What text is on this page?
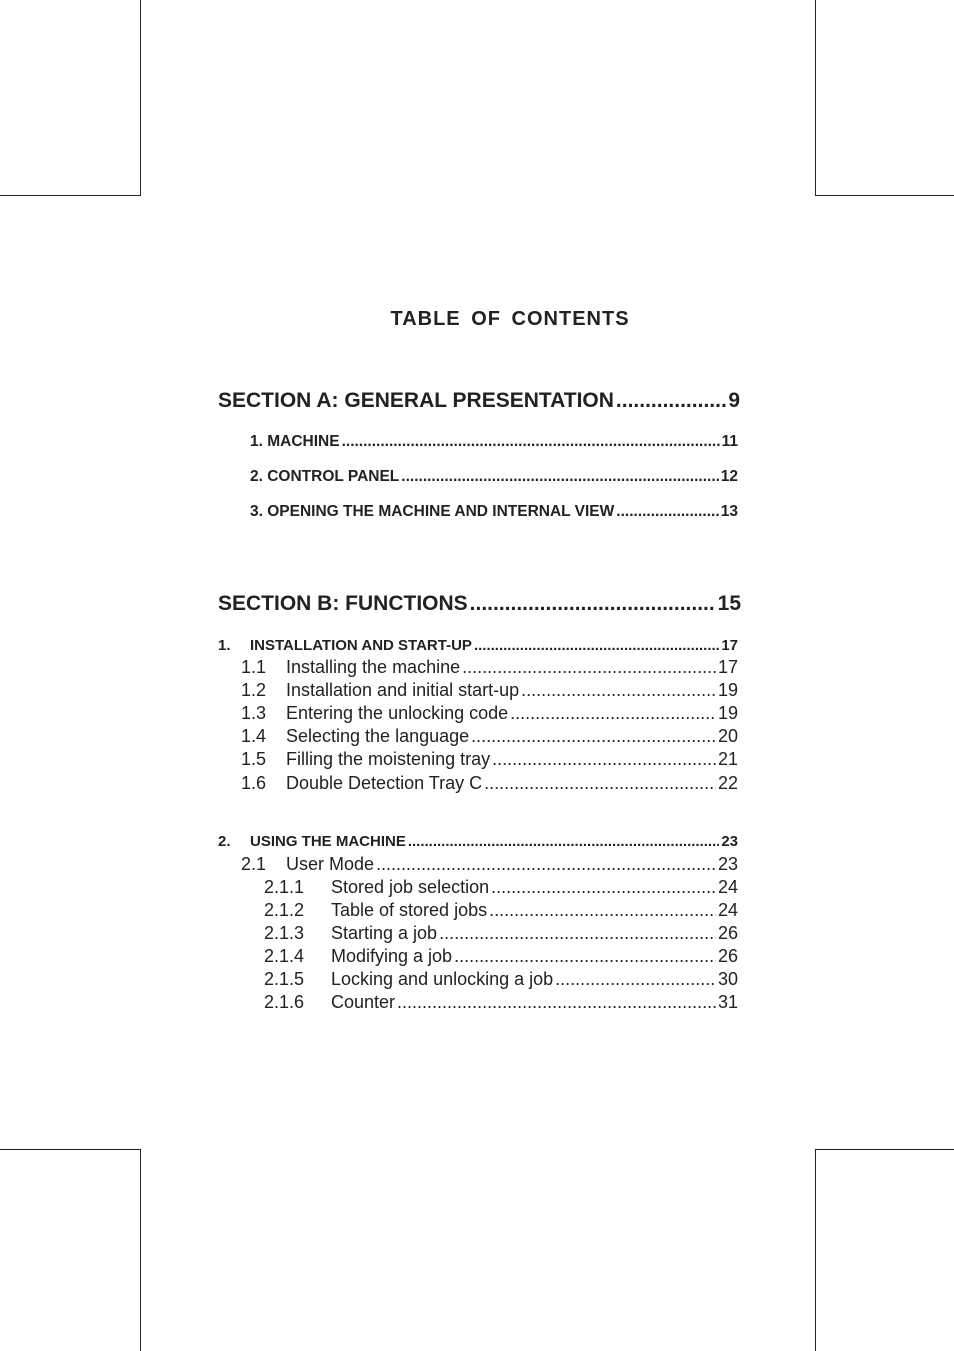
TABLE OF CONTENTS
SECTION A: GENERAL PRESENTATION .....	9
1. MACHINE .....	11
2. CONTROL PANEL .....	12
3. OPENING THE MACHINE AND INTERNAL VIEW .....	13
SECTION B: FUNCTIONS .....	15
1.	INSTALLATION AND START-UP .....	17
1.1	Installing the machine .....	17
1.2	Installation and initial start-up .....	19
1.3	Entering the unlocking code .....	19
1.4	Selecting the language .....	20
1.5	Filling the moistening tray .....	21
1.6	Double Detection Tray C .....	22
2.	USING THE MACHINE .....	23
2.1	User Mode .....	23
2.1.1	Stored job selection .....	24
2.1.2	Table of stored jobs .....	24
2.1.3	Starting a job .....	26
2.1.4	Modifying a job .....	26
2.1.5	Locking and unlocking a job .....	30
2.1.6	Counter .....	31
